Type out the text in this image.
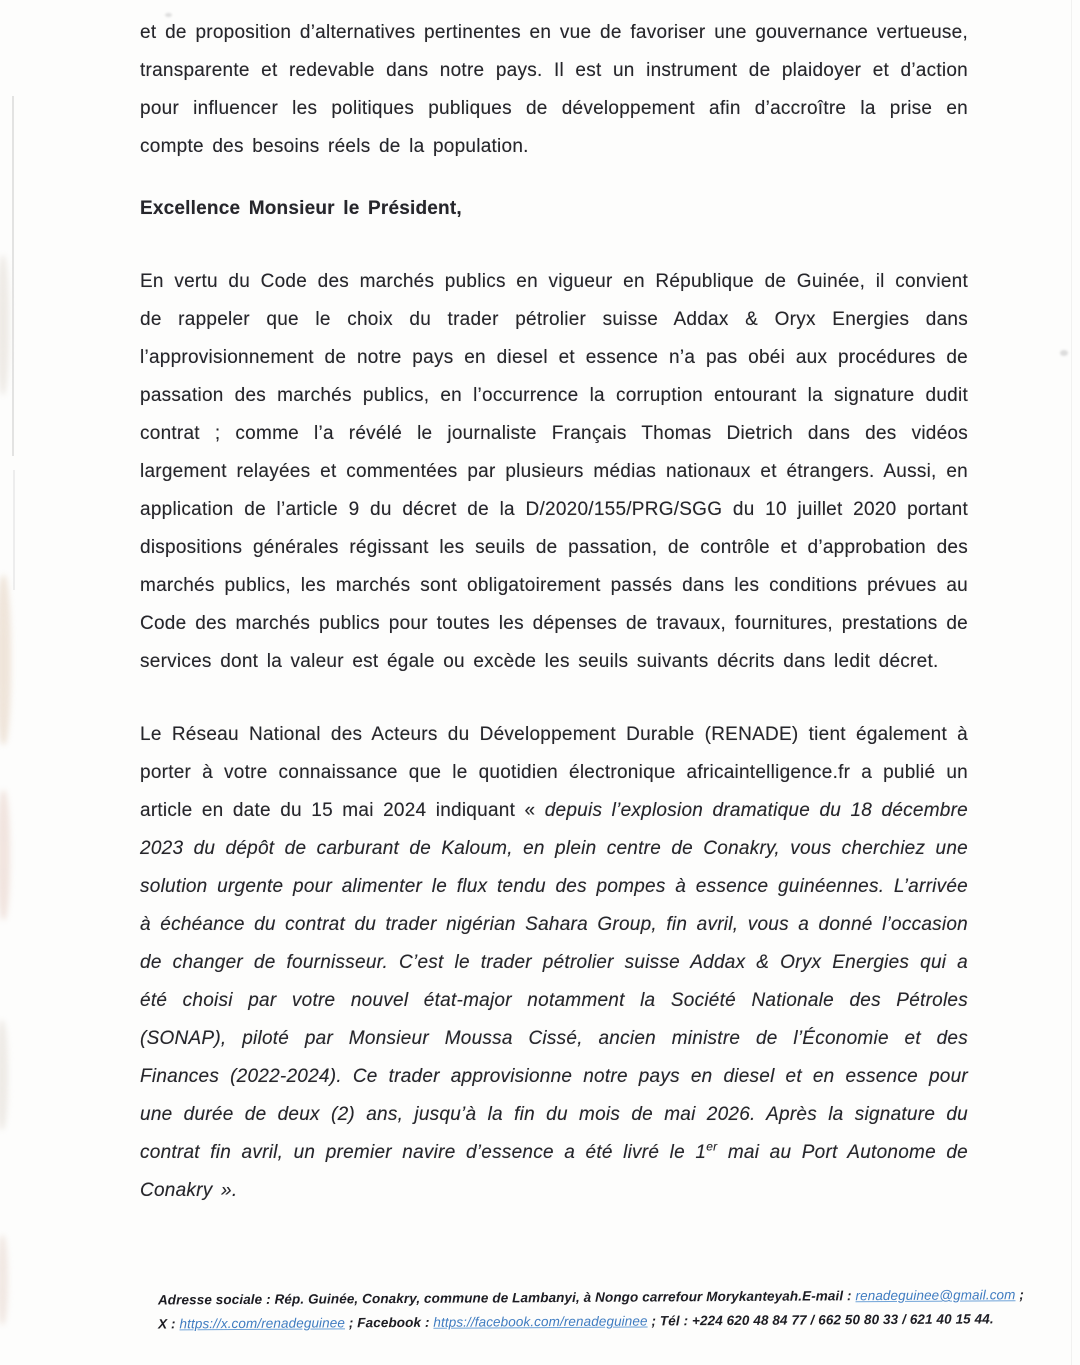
et de proposition d’alternatives pertinentes en vue de favoriser une gouvernance vertueuse, transparente et redevable dans notre pays. Il est un instrument de plaidoyer et d’action pour influencer les politiques publiques de développement afin d’accroître la prise en compte des besoins réels de la population.

Excellence Monsieur le Président,

En vertu du Code des marchés publics en vigueur en République de Guinée, il convient de rappeler que le choix du trader pétrolier suisse Addax & Oryx Energies dans l’approvisionnement de notre pays en diesel et essence n’a pas obéi aux procédures de passation des marchés publics, en l’occurrence la corruption entourant la signature dudit contrat ; comme l’a révélé le journaliste Français Thomas Dietrich dans des vidéos largement relayées et commentées par plusieurs médias nationaux et étrangers. Aussi, en application de l’article 9 du décret de la D/2020/155/PRG/SGG du 10 juillet 2020 portant dispositions générales régissant les seuils de passation, de contrôle et d’approbation des marchés publics, les marchés sont obligatoirement passés dans les conditions prévues au Code des marchés publics pour toutes les dépenses de travaux, fournitures, prestations de services dont la valeur est égale ou excède les seuils suivants décrits dans ledit décret.

Le Réseau National des Acteurs du Développement Durable (RENADE) tient également à porter à votre connaissance que le quotidien électronique africaintelligence.fr a publié un article en date du 15 mai 2024 indiquant « depuis l’explosion dramatique du 18 décembre 2023 du dépôt de carburant de Kaloum, en plein centre de Conakry, vous cherchiez une solution urgente pour alimenter le flux tendu des pompes à essence guinéennes. L’arrivée à échéance du contrat du trader nigérian Sahara Group, fin avril, vous a donné l’occasion de changer de fournisseur. C’est le trader pétrolier suisse Addax & Oryx Energies qui a été choisi par votre nouvel état-major notamment la Société Nationale des Pétroles (SONAP), piloté par Monsieur Moussa Cissé, ancien ministre de l’Économie et des Finances (2022-2024). Ce trader approvisionne notre pays en diesel et en essence pour une durée de deux (2) ans, jusqu’à la fin du mois de mai 2026. Après la signature du contrat fin avril, un premier navire d’essence a été livré le 1er mai au Port Autonome de Conakry ».

Adresse sociale : Rép. Guinée, Conakry, commune de Lambanyi, à Nongo carrefour Morykanteyah. E-mail : renadeguinee@gmail.com ;
X : https://x.com/renadeguinee ; Facebook : https://facebook.com/renadeguinee ; Tél : +224 620 48 84 77 / 662 50 80 33 / 621 40 15 44.
